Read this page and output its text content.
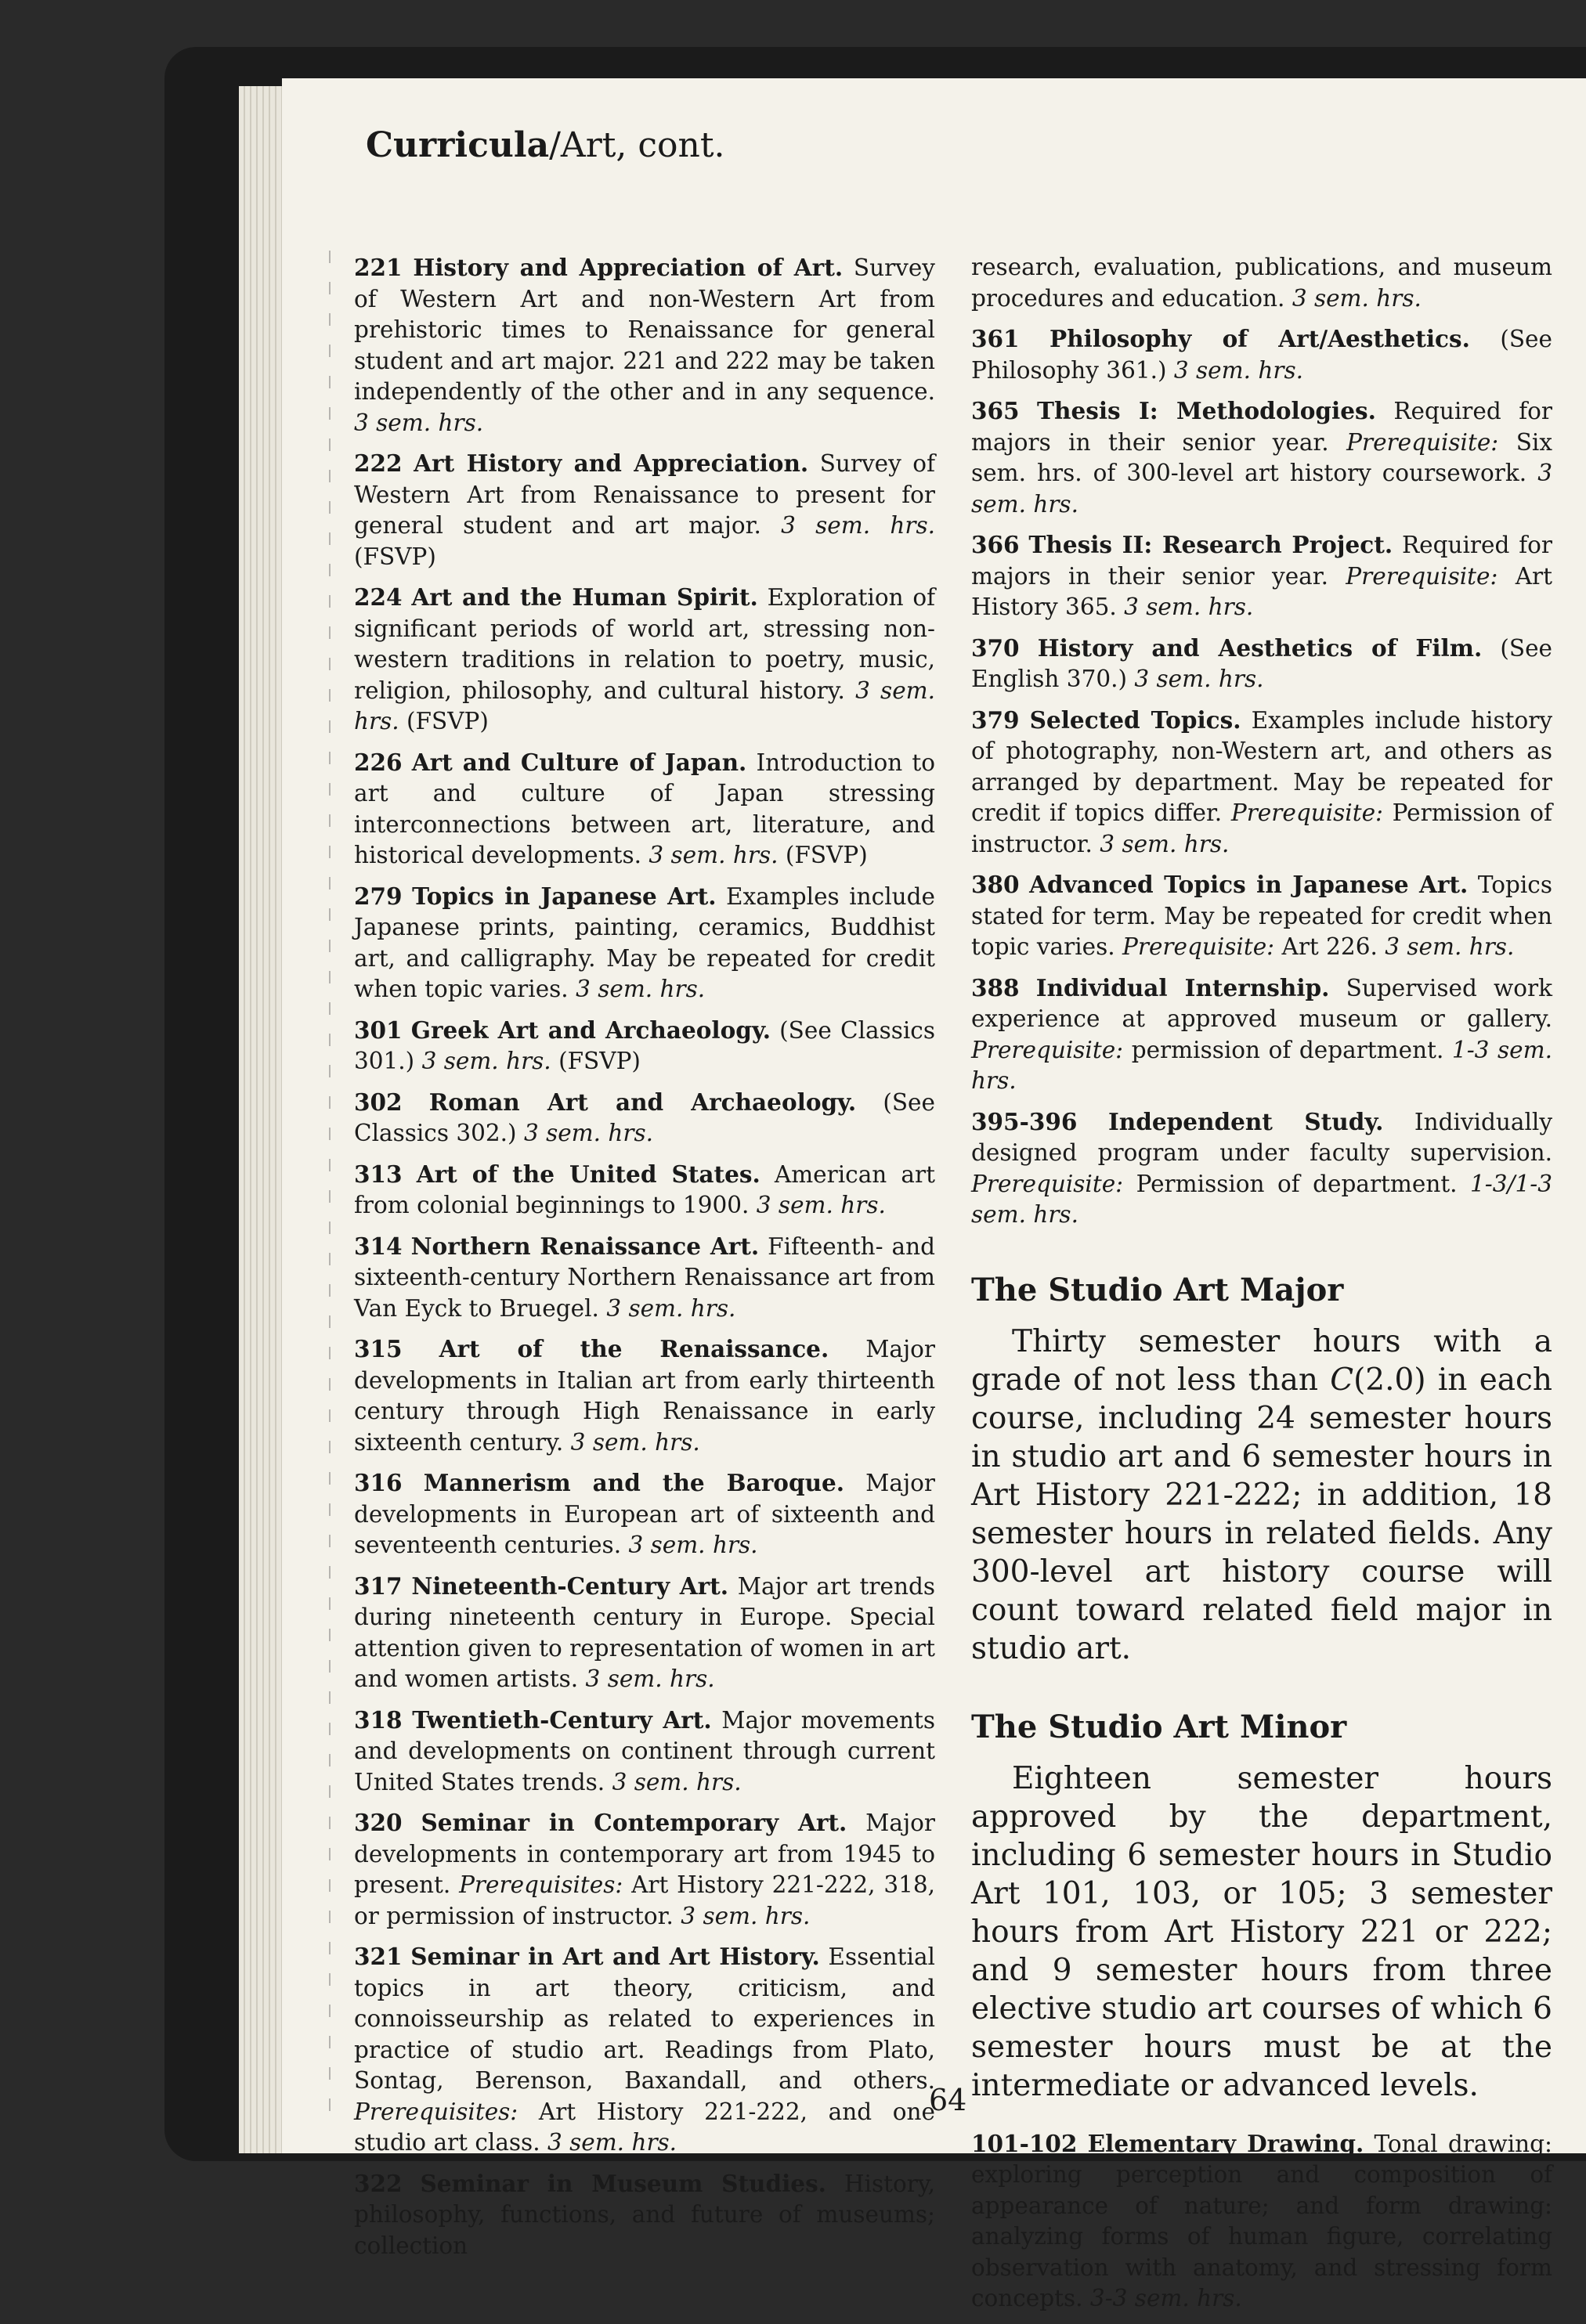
Curricula/Art, cont.

221 History and Appreciation of Art. Survey of Western Art and non-Western Art from prehistoric times to Renaissance for general student and art major. 221 and 222 may be taken independently of the other and in any sequence. 3 sem. hrs.

222 Art History and Appreciation. Survey of Western Art from Renaissance to present for general student and art major. 3 sem. hrs. (FSVP)

224 Art and the Human Spirit. Exploration of significant periods of world art, stressing non-western traditions in relation to poetry, music, religion, philosophy, and cultural history. 3 sem. hrs. (FSVP)

226 Art and Culture of Japan. Introduction to art and culture of Japan stressing interconnections between art, literature, and historical developments. 3 sem. hrs. (FSVP)

279 Topics in Japanese Art. Examples include Japanese prints, painting, ceramics, Buddhist art, and calligraphy. May be repeated for credit when topic varies. 3 sem. hrs.

301 Greek Art and Archaeology. (See Classics 301.) 3 sem. hrs. (FSVP)

302 Roman Art and Archaeology. (See Classics 302.) 3 sem. hrs.

313 Art of the United States. American art from colonial beginnings to 1900. 3 sem. hrs.

314 Northern Renaissance Art. Fifteenth- and sixteenth-century Northern Renaissance art from Van Eyck to Bruegel. 3 sem. hrs.

315 Art of the Renaissance. Major developments in Italian art from early thirteenth century through High Renaissance in early sixteenth century. 3 sem. hrs.

316 Mannerism and the Baroque. Major developments in European art of sixteenth and seventeenth centuries. 3 sem. hrs.

317 Nineteenth-Century Art. Major art trends during nineteenth century in Europe. Special attention given to representation of women in art and women artists. 3 sem. hrs.

318 Twentieth-Century Art. Major movements and developments on continent through current United States trends. 3 sem. hrs.

320 Seminar in Contemporary Art. Major developments in contemporary art from 1945 to present. Prerequisites: Art History 221-222, 318, or permission of instructor. 3 sem. hrs.

321 Seminar in Art and Art History. Essential topics in art theory, criticism, and connoisseurship as related to experiences in practice of studio art. Readings from Plato, Sontag, Berenson, Baxandall, and others. Prerequisites: Art History 221-222, and one studio art class. 3 sem. hrs.

322 Seminar in Museum Studies. History, philosophy, functions, and future of museums; collection

research, evaluation, publications, and museum procedures and education. 3 sem. hrs.

361 Philosophy of Art/Aesthetics. (See Philosophy 361.) 3 sem. hrs.

365 Thesis I: Methodologies. Required for majors in their senior year. Prerequisite: Six sem. hrs. of 300-level art history coursework. 3 sem. hrs.

366 Thesis II: Research Project. Required for majors in their senior year. Prerequisite: Art History 365. 3 sem. hrs.

370 History and Aesthetics of Film. (See English 370.) 3 sem. hrs.

379 Selected Topics. Examples include history of photography, non-Western art, and others as arranged by department. May be repeated for credit if topics differ. Prerequisite: Permission of instructor. 3 sem. hrs.

380 Advanced Topics in Japanese Art. Topics stated for term. May be repeated for credit when topic varies. Prerequisite: Art 226. 3 sem. hrs.

388 Individual Internship. Supervised work experience at approved museum or gallery. Prerequisite: permission of department. 1-3 sem. hrs.

395-396 Independent Study. Individually designed program under faculty supervision. Prerequisite: Permission of department. 1-3/1-3 sem. hrs.

The Studio Art Major

Thirty semester hours with a grade of not less than C(2.0) in each course, including 24 semester hours in studio art and 6 semester hours in Art History 221-222; in addition, 18 semester hours in related fields. Any 300-level art history course will count toward related field major in studio art.

The Studio Art Minor

Eighteen semester hours approved by the department, including 6 semester hours in Studio Art 101, 103, or 105; 3 semester hours from Art History 221 or 222; and 9 semester hours from three elective studio art courses of which 6 semester hours must be at the intermediate or advanced levels.

101-102 Elementary Drawing. Tonal drawing: exploring perception and composition of appearance of nature; and form drawing: analyzing forms of human figure, correlating observation with anatomy, and stressing form concepts. 3-3 sem. hrs.

64
